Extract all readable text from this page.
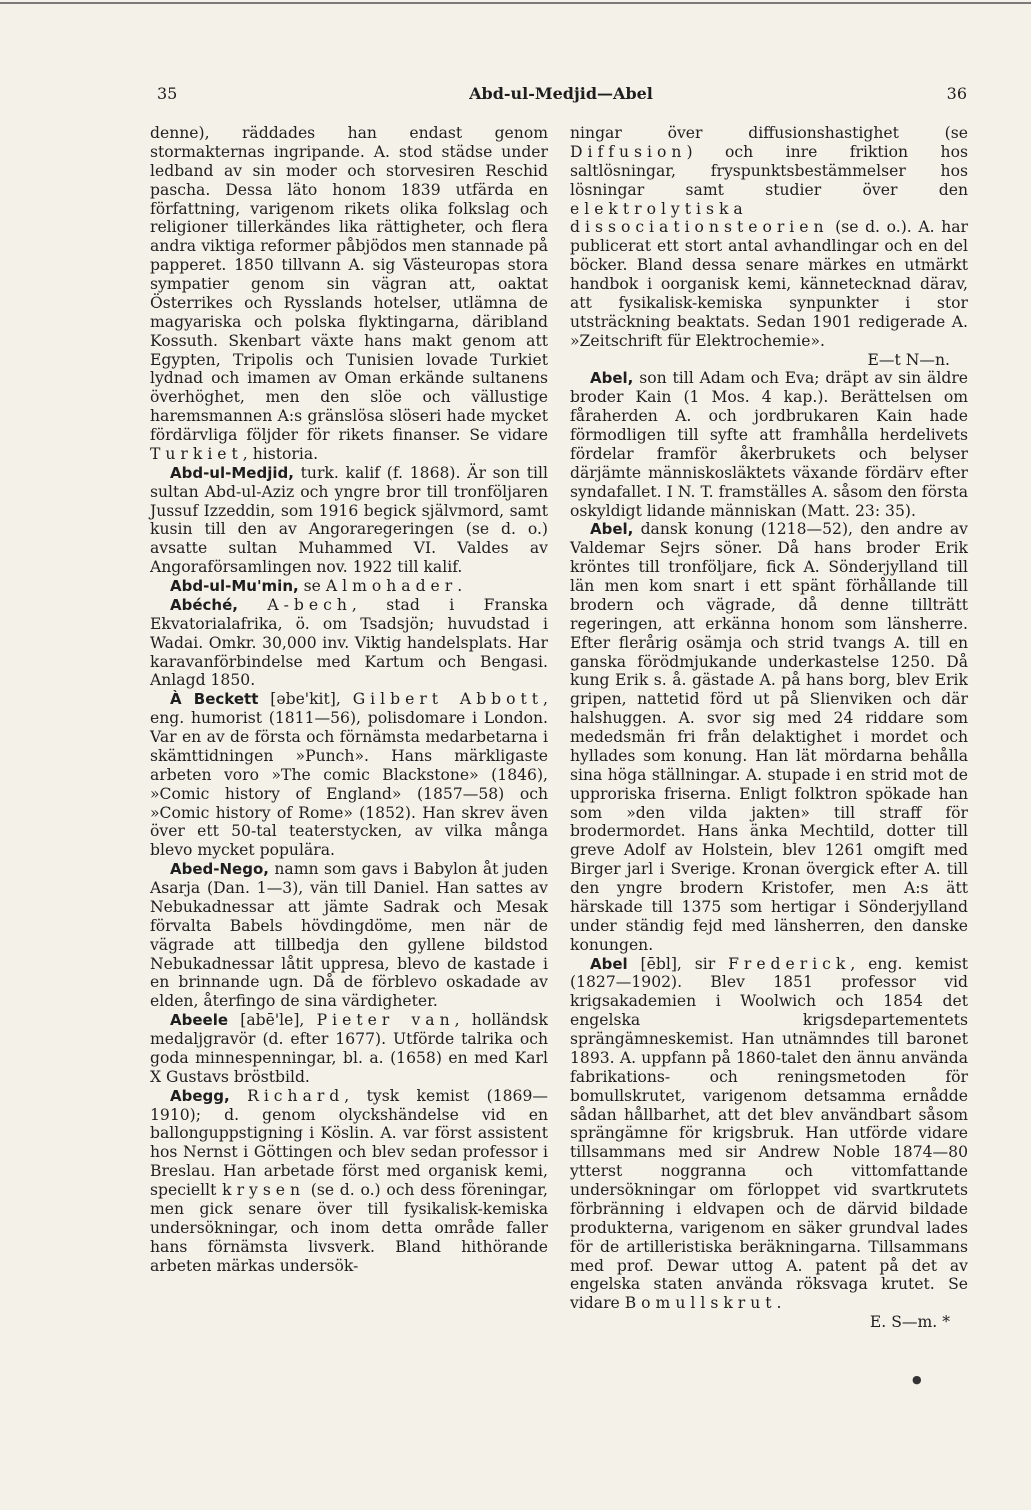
35	Abd-ul-Medjid—Abel	36

denne), räddades han endast genom stormakternas ingripande. A. stod städse under ledband av sin moder och storvesiren Reschid pascha. Dessa läto honom 1839 utfärda en författning, varigenom rikets olika folkslag och religioner tillerkändes lika rättigheter, och flera andra viktiga reformer påbjödos men stannade på papperet. 1850 tillvann A. sig Västeuropas stora sympatier genom sin vägran att, oaktat Österrikes och Rysslands hotelser, utlämna de magyariska och polska flyktingarna, däribland Kossuth. Skenbart växte hans makt genom att Egypten, Tripolis och Tunisien lovade Turkiet lydnad och imamen av Oman erkände sultanens överhöghet, men den slöe och vällustige haremsmannen A:s gränslösa slöseri hade mycket fördärvliga följder för rikets finanser. Se vidare Turkiet, historia.

Abd-ul-Medjid, turk. kalif (f. 1868). Är son till sultan Abd-ul-Aziz och yngre bror till tronföljaren Jussuf Izzeddin, som 1916 begick självmord, samt kusin till den av Angoraregeringen (se d. o.) avsatte sultan Muhammed VI. Valdes av Angoraförsamlingen nov. 1922 till kalif.

Abd-ul-Mu'min, se Almohader.

Abéché, A-bech, stad i Franska Ekvatorialafrika, ö. om Tsadsjön; huvudstad i Wadai. Omkr. 30,000 inv. Viktig handelsplats. Har karavanförbindelse med Kartum och Bengasi. Anlagd 1850.

À Beckett [əbe'kit], Gilbert Abbott, eng. humorist (1811—56), polisdomare i London. Var en av de första och förnämsta medarbetarna i skämttidningen »Punch». Hans märkligaste arbeten voro »The comic Blackstone» (1846), »Comic history of England» (1857—58) och »Comic history of Rome» (1852). Han skrev även över ett 50-tal teaterstycken, av vilka många blevo mycket populära.

Abed-Nego, namn som gavs i Babylon åt juden Asarja (Dan. 1—3), vän till Daniel. Han sattes av Nebukadnessar att jämte Sadrak och Mesak förvalta Babels hövdingdöme, men när de vägrade att tillbedja den gyllene bildstod Nebukadnessar låtit uppresa, blevo de kastade i en brinnande ugn. Då de förblevo oskadade av elden, återfingo de sina värdigheter.

Abeele [abē'le], Pieter van, holländsk medaljgravör (d. efter 1677). Utförde talrika och goda minnespenningar, bl. a. (1658) en med Karl X Gustavs bröstbild.

Abegg, Richard, tysk kemist (1869—1910); d. genom olyckshändelse vid en ballonguppstigning i Köslin. A. var först assistent hos Nernst i Göttingen och blev sedan professor i Breslau. Han arbetade först med organisk kemi, speciellt krysen (se d. o.) och dess föreningar, men gick senare över till fysikalisk-kemiska undersökningar, och inom detta område faller hans förnämsta livsverk. Bland hithörande arbeten märkas undersök-

ningar över diffusionshastighet (se Diffusion) och inre friktion hos saltlösningar, fryspunktsbestämmelser hos lösningar samt studier över den elektrolytiska dissociationsteorien (se d. o.). A. har publicerat ett stort antal avhandlingar och en del böcker. Bland dessa senare märkes en utmärkt handbok i oorganisk kemi, kännetecknad därav, att fysikalisk-kemiska synpunkter i stor utsträckning beaktats. Sedan 1901 redigerade A. »Zeitschrift für Elektrochemie».

E—t N—n.

Abel, son till Adam och Eva; dräpt av sin äldre broder Kain (1 Mos. 4 kap.). Berättelsen om fåraherden A. och jordbrukaren Kain hade förmodligen till syfte att framhålla herdelivets fördelar framför åkerbrukets och belyser därjämte människosläktets växande fördärv efter syndafallet. I N. T. framställes A. såsom den första oskyldigt lidande människan (Matt. 23: 35).

Abel, dansk konung (1218—52), den andre av Valdemar Sejrs söner. Då hans broder Erik kröntes till tronföljare, fick A. Sönderjylland till län men kom snart i ett spänt förhållande till brodern och vägrade, då denne tillträtt regeringen, att erkänna honom som länsherre. Efter flerårig osämja och strid tvangs A. till en ganska förödmjukande underkastelse 1250. Då kung Erik s. å. gästade A. på hans borg, blev Erik gripen, nattetid förd ut på Slienviken och där halshuggen. A. svor sig med 24 riddare som mededsmän fri från delaktighet i mordet och hyllades som konung. Han lät mördarna behålla sina höga ställningar. A. stupade i en strid mot de upproriska friserna. Enligt folktron spökade han som »den vilda jakten» till straff för brodermordet. Hans änka Mechtild, dotter till greve Adolf av Holstein, blev 1261 omgift med Birger jarl i Sverige. Kronan övergick efter A. till den yngre brodern Kristofer, men A:s ätt härskade till 1375 som hertigar i Sönderjylland under ständig fejd med länsherren, den danske konungen.

Abel [ēbl], sir Frederick, eng. kemist (1827—1902). Blev 1851 professor vid krigsakademien i Woolwich och 1854 det engelska krigsdepartementets sprängämneskemist. Han utnämndes till baronet 1893. A. uppfann på 1860-talet den ännu använda fabrikations- och reningsmetoden för bomullskrutet, varigenom detsamma ernådde sådan hållbarhet, att det blev användbart såsom sprängämne för krigsbruk. Han utförde vidare tillsammans med sir Andrew Noble 1874—80 ytterst noggranna och vittomfattande undersökningar om förloppet vid svartkrutets förbränning i eldvapen och de därvid bildade produkterna, varigenom en säker grundval lades för de artilleristiska beräkningarna. Tillsammans med prof. Dewar uttog A. patent på det av engelska staten använda röksvaga krutet. Se vidare Bomullskrut.

E. S—m. *

●
